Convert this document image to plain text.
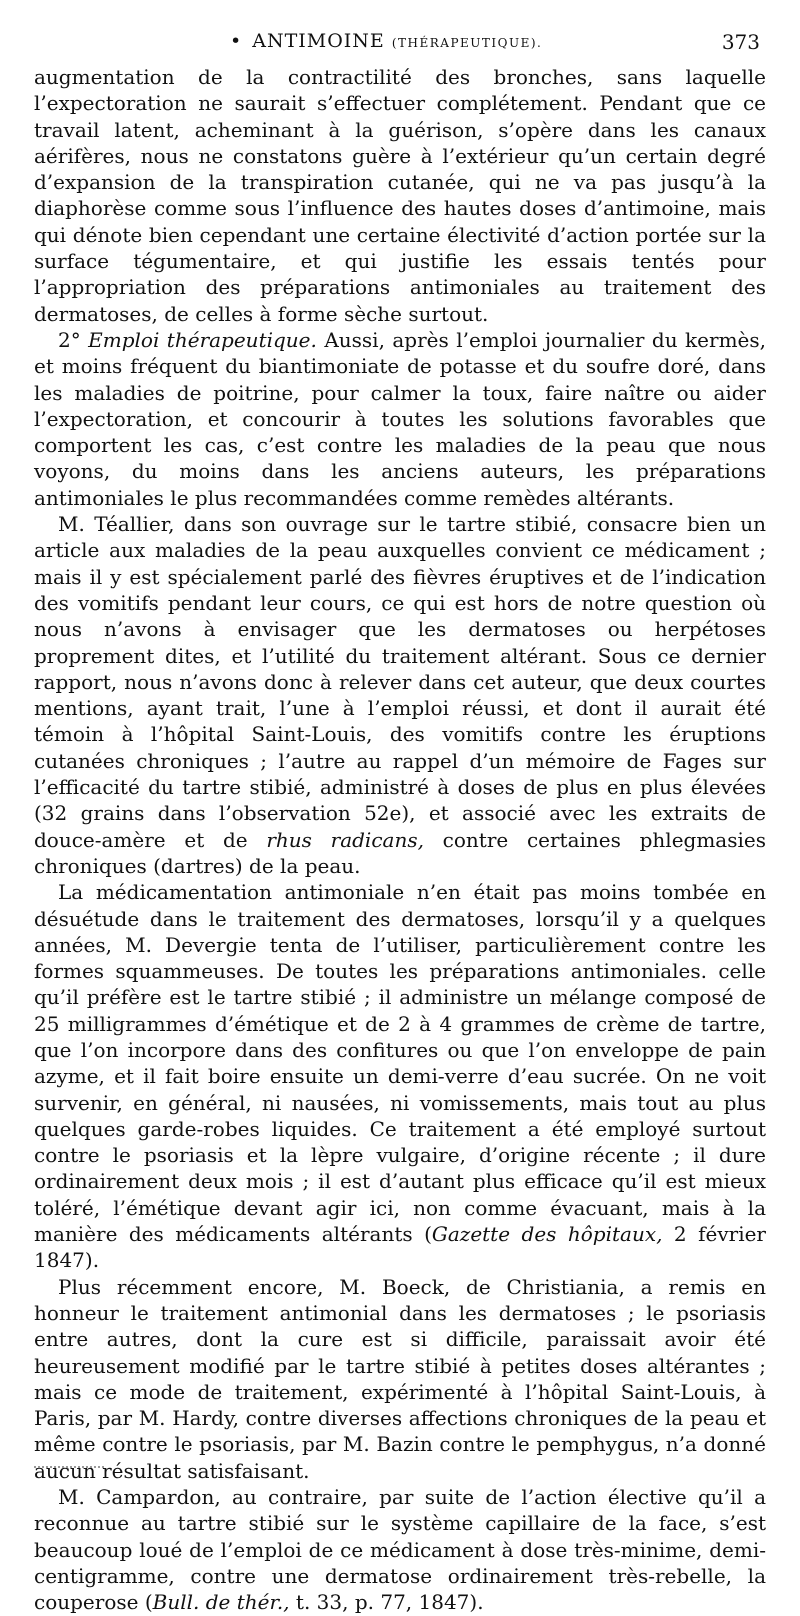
• ANTIMOINE (THÉRAPEUTIQUE).	373

augmentation de la contractilité des bronches, sans laquelle l’expectoration ne saurait s’effectuer complétement. Pendant que ce travail latent, acheminant à la guérison, s’opère dans les canaux aérifères, nous ne constatons guère à l’extérieur qu’un certain degré d’expansion de la transpiration cutanée, qui ne va pas jusqu’à la diaphorèse comme sous l’influence des hautes doses d’antimoine, mais qui dénote bien cependant une certaine électivité d’action portée sur la surface tégumentaire, et qui justifie les essais tentés pour l’appropriation des préparations antimoniales au traitement des dermatoses, de celles à forme sèche surtout.

2° Emploi thérapeutique. Aussi, après l’emploi journalier du kermès, et moins fréquent du biantimoniate de potasse et du soufre doré, dans les maladies de poitrine, pour calmer la toux, faire naître ou aider l’expectoration, et concourir à toutes les solutions favorables que comportent les cas, c’est contre les maladies de la peau que nous voyons, du moins dans les anciens auteurs, les préparations antimoniales le plus recommandées comme remèdes altérants.

M. Téallier, dans son ouvrage sur le tartre stibié, consacre bien un article aux maladies de la peau auxquelles convient ce médicament ; mais il y est spécialement parlé des fièvres éruptives et de l’indication des vomitifs pendant leur cours, ce qui est hors de notre question où nous n’avons à envisager que les dermatoses ou herpétoses proprement dites, et l’utilité du traitement altérant. Sous ce dernier rapport, nous n’avons donc à relever dans cet auteur, que deux courtes mentions, ayant trait, l’une à l’emploi réussi, et dont il aurait été témoin à l’hôpital Saint-Louis, des vomitifs contre les éruptions cutanées chroniques ; l’autre au rappel d’un mémoire de Fages sur l’efficacité du tartre stibié, administré à doses de plus en plus élevées (32 grains dans l’observation 52e), et associé avec les extraits de douce-amère et de rhus radicans, contre certaines phlegmasies chroniques (dartres) de la peau.

La médicamentation antimoniale n’en était pas moins tombée en désuétude dans le traitement des dermatoses, lorsqu’il y a quelques années, M. Devergie tenta de l’utiliser, particulièrement contre les formes squammeuses. De toutes les préparations antimoniales. celle qu’il préfère est le tartre stibié ; il administre un mélange composé de 25 milligrammes d’émétique et de 2 à 4 grammes de crème de tartre, que l’on incorpore dans des confitures ou que l’on enveloppe de pain azyme, et il fait boire ensuite un demi-verre d’eau sucrée. On ne voit survenir, en général, ni nausées, ni vomissements, mais tout au plus quelques garde-robes liquides. Ce traitement a été employé surtout contre le psoriasis et la lèpre vulgaire, d’origine récente ; il dure ordinairement deux mois ; il est d’autant plus efficace qu’il est mieux toléré, l’émétique devant agir ici, non comme évacuant, mais à la manière des médicaments altérants (Gazette des hôpitaux, 2 février 1847).

Plus récemment encore, M. Boeck, de Christiania, a remis en honneur le traitement antimonial dans les dermatoses ; le psoriasis entre autres, dont la cure est si difficile, paraissait avoir été heureusement modifié par le tartre stibié à petites doses altérantes ; mais ce mode de traitement, expérimenté à l’hôpital Saint-Louis, à Paris, par M. Hardy, contre diverses affections chroniques de la peau et même contre le psoriasis, par M. Bazin contre le pemphygus, n’a donné aucun résultat satisfaisant.

M. Campardon, au contraire, par suite de l’action élective qu’il a reconnue au tartre stibié sur le système capillaire de la face, s’est beaucoup loué de l’emploi de ce médicament à dose très-minime, demi-centigramme, contre une dermatose ordinairement très-rebelle, la couperose (Bull. de thér., t. 33, p. 77, 1847).
